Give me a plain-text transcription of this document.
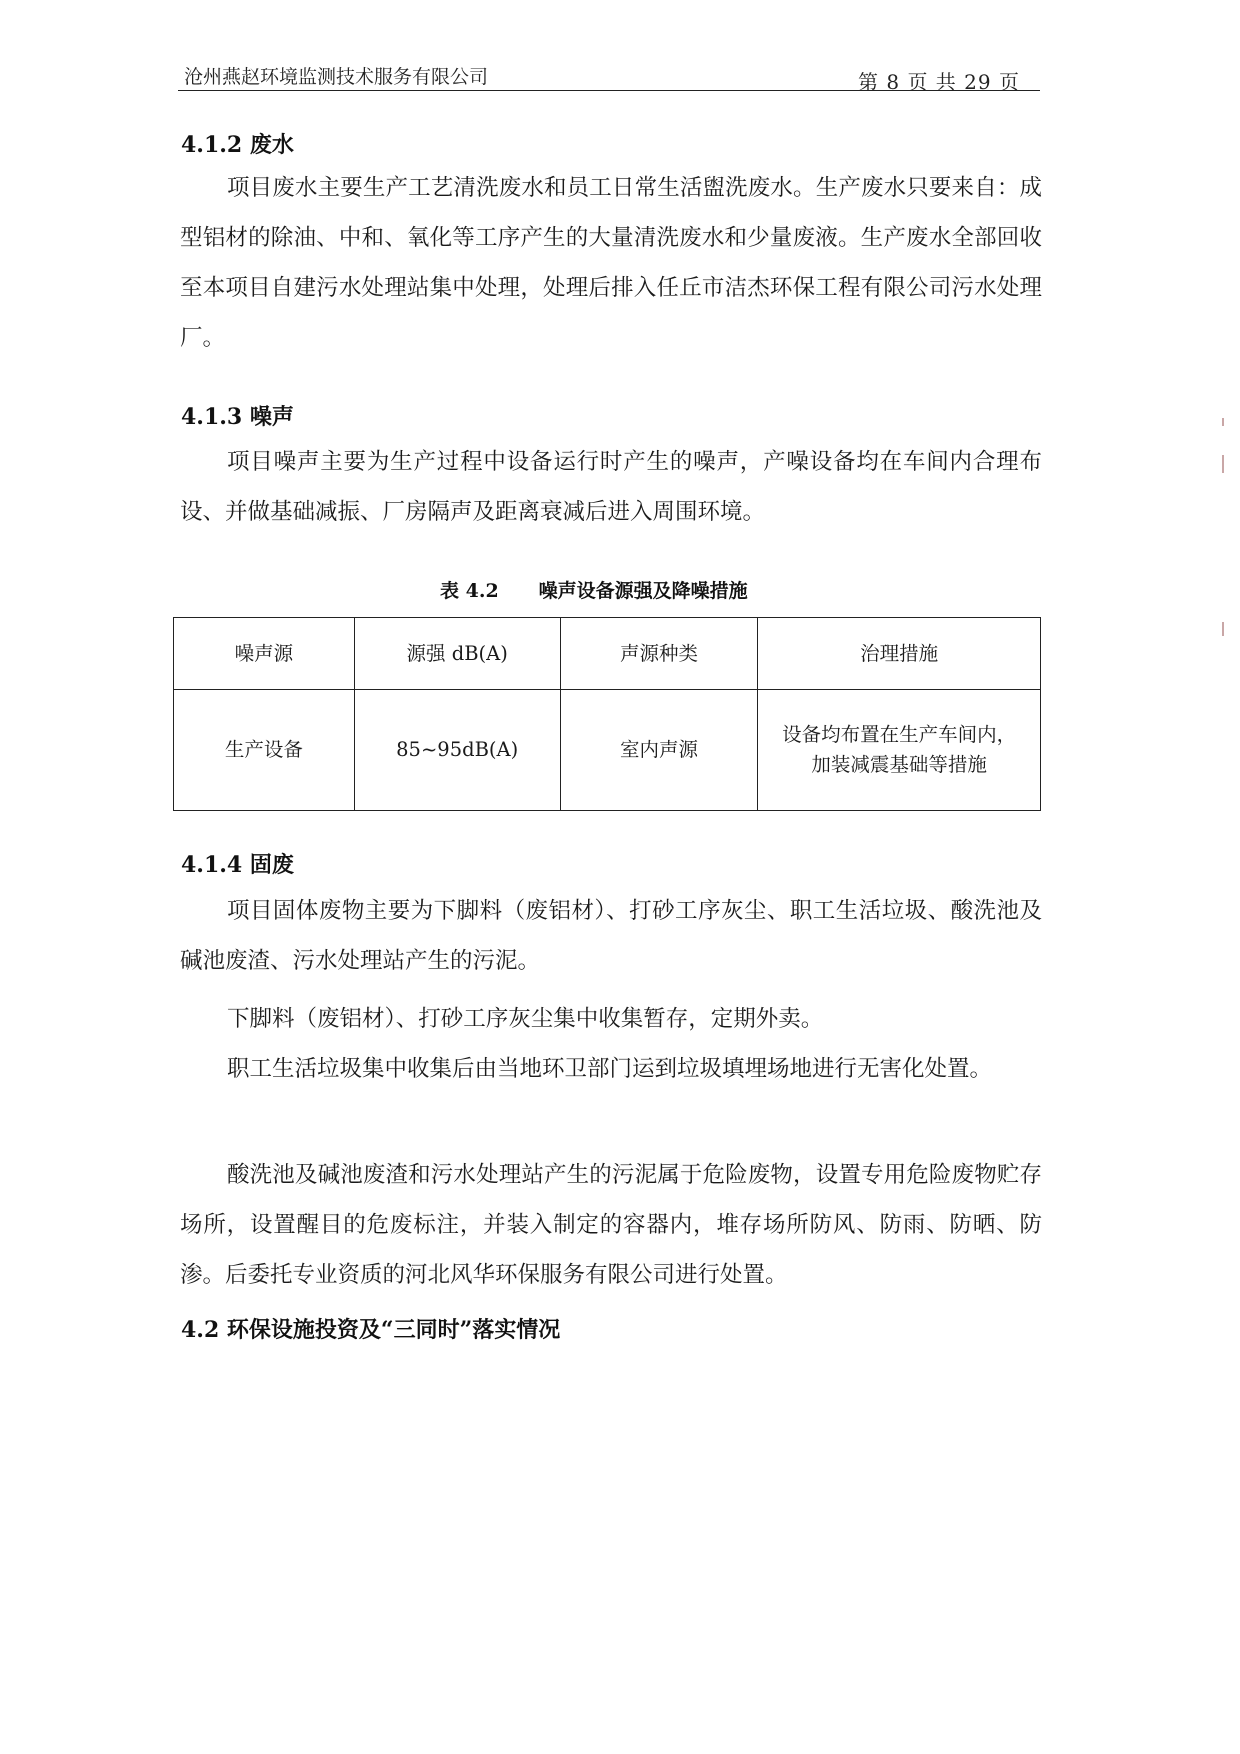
沧州燕赵环境监测技术服务有限公司	第 8 页 共 29 页
4.1.2 废水
项目废水主要生产工艺清洗废水和员工日常生活盥洗废水。生产废水只要来自：成型铝材的除油、中和、氧化等工序产生的大量清洗废水和少量废液。生产废水全部回收至本项目自建污水处理站集中处理，处理后排入任丘市洁杰环保工程有限公司污水处理厂。
4.1.3 噪声
项目噪声主要为生产过程中设备运行时产生的噪声，产噪设备均在车间内合理布设、并做基础减振、厂房隔声及距离衰减后进入周围环境。
表 4.2 噪声设备源强及降噪措施
噪声源	源强 dB(A)	声源种类	治理措施
生产设备	85~95dB(A)	室内声源	设备均布置在生产车间内，
加装减震基础等措施
4.1.4 固废
项目固体废物主要为下脚料（废铝材）、打砂工序灰尘、职工生活垃圾、酸洗池及碱池废渣、污水处理站产生的污泥。
下脚料（废铝材）、打砂工序灰尘集中收集暂存，定期外卖。
职工生活垃圾集中收集后由当地环卫部门运到垃圾填埋场地进行无害化处置。
酸洗池及碱池废渣和污水处理站产生的污泥属于危险废物，设置专用危险废物贮存场所，设置醒目的危废标注，并装入制定的容器内，堆存场所防风、防雨、防晒、防渗。后委托专业资质的河北风华环保服务有限公司进行处置。
4.2 环保设施投资及“三同时”落实情况
